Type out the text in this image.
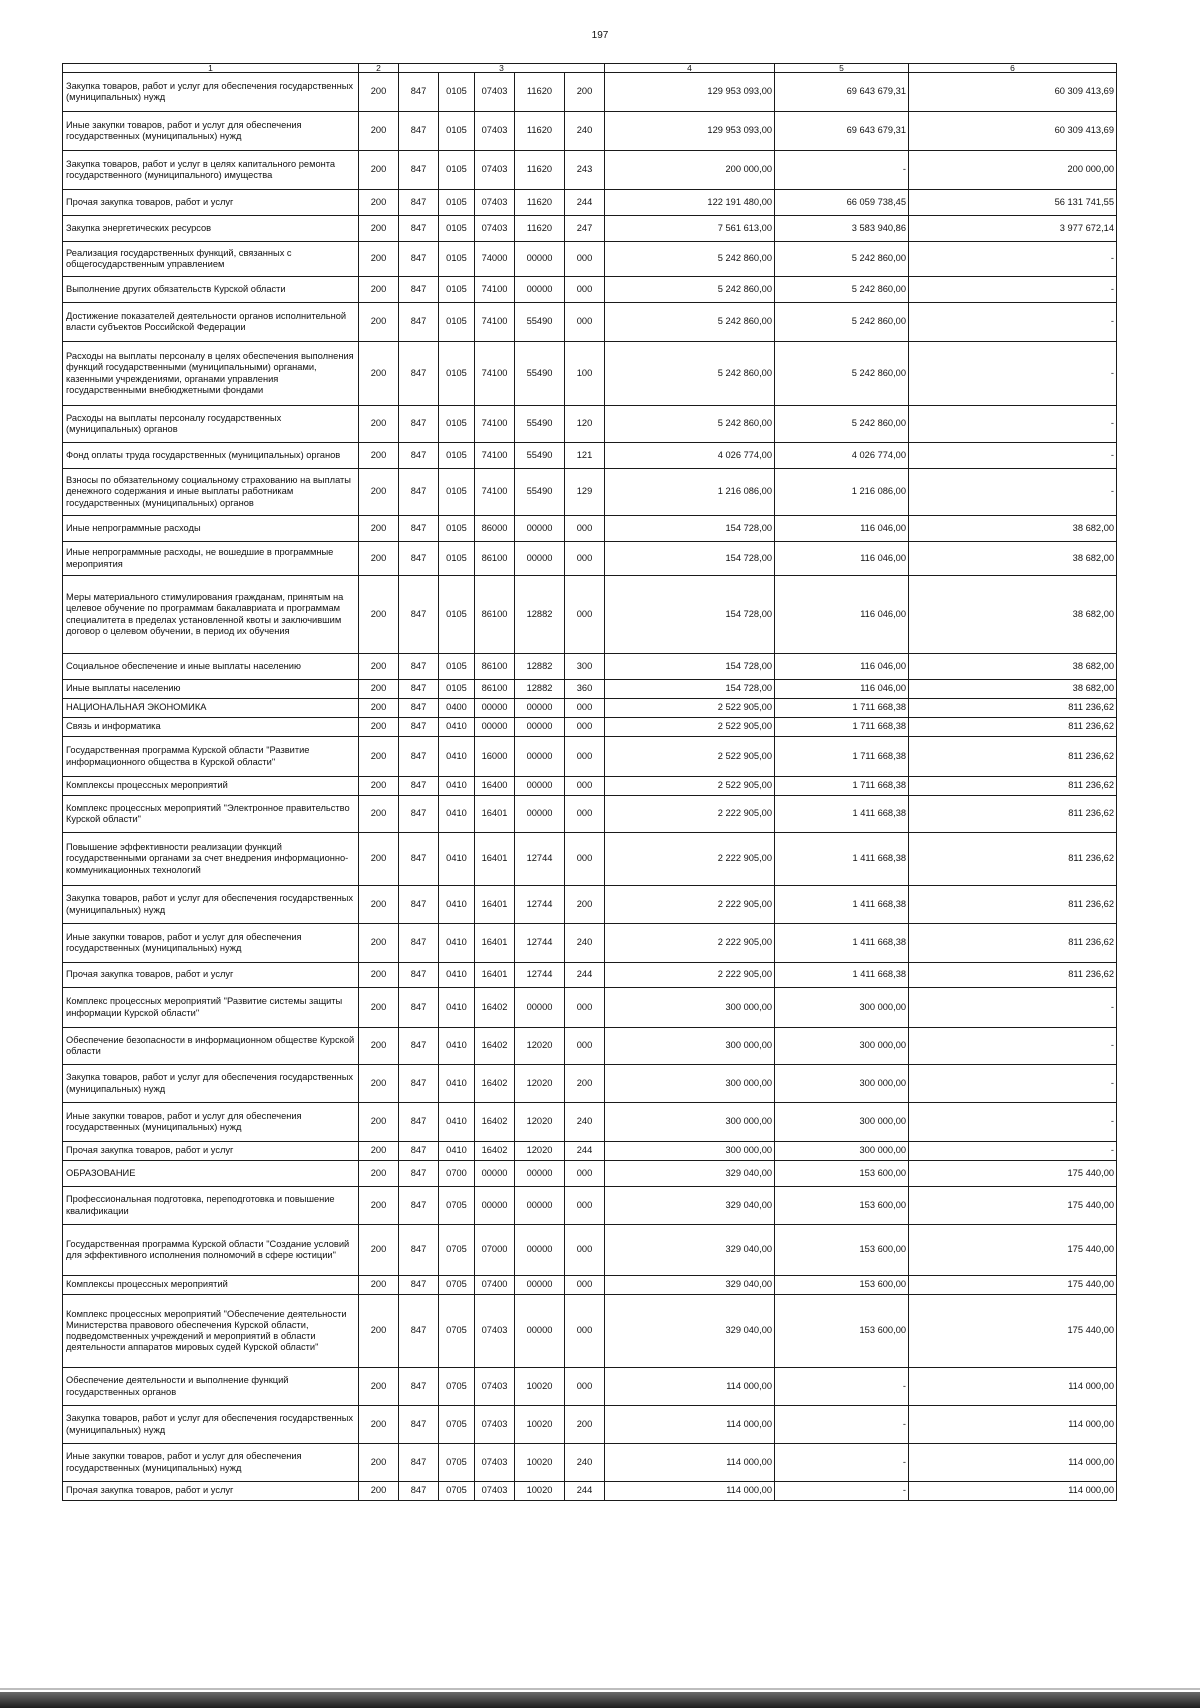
197
1	2	3					4	5	6
Закупка товаров, работ и услуг для обеспечения государственных (муниципальных) нужд	200	847	0105	07403	11620	200	129 953 093,00	69 643 679,31	60 309 413,69
Иные закупки товаров, работ и услуг для обеспечения государственных (муниципальных) нужд	200	847	0105	07403	11620	240	129 953 093,00	69 643 679,31	60 309 413,69
Закупка товаров, работ и услуг в целях капитального ремонта государственного (муниципального) имущества	200	847	0105	07403	11620	243	200 000,00	-	200 000,00
Прочая закупка товаров, работ и услуг	200	847	0105	07403	11620	244	122 191 480,00	66 059 738,45	56 131 741,55
Закупка энергетических ресурсов	200	847	0105	07403	11620	247	7 561 613,00	3 583 940,86	3 977 672,14
Реализация государственных функций, связанных с общегосударственным управлением	200	847	0105	74000	00000	000	5 242 860,00	5 242 860,00	-
Выполнение других обязательств Курской области	200	847	0105	74100	00000	000	5 242 860,00	5 242 860,00	-
Достижение показателей деятельности органов исполнительной власти субъектов Российской Федерации	200	847	0105	74100	55490	000	5 242 860,00	5 242 860,00	-
Расходы на выплаты персоналу в целях обеспечения выполнения функций государственными (муниципальными) органами, казенными учреждениями, органами управления государственными внебюджетными фондами	200	847	0105	74100	55490	100	5 242 860,00	5 242 860,00	-
Расходы на выплаты персоналу государственных (муниципальных) органов	200	847	0105	74100	55490	120	5 242 860,00	5 242 860,00	-
Фонд оплаты труда государственных (муниципальных) органов	200	847	0105	74100	55490	121	4 026 774,00	4 026 774,00	-
Взносы по обязательному социальному страхованию на выплаты денежного содержания и иные выплаты работникам государственных (муниципальных) органов	200	847	0105	74100	55490	129	1 216 086,00	1 216 086,00	-
Иные непрограммные расходы	200	847	0105	86000	00000	000	154 728,00	116 046,00	38 682,00
Иные непрограммные расходы, не вошедшие в программные мероприятия	200	847	0105	86100	00000	000	154 728,00	116 046,00	38 682,00
Меры материального стимулирования гражданам, принятым на целевое обучение по программам бакалавриата и программам специалитета в пределах установленной квоты и заключившим договор о целевом обучении, в период их обучения	200	847	0105	86100	12882	000	154 728,00	116 046,00	38 682,00
Социальное обеспечение и иные выплаты населению	200	847	0105	86100	12882	300	154 728,00	116 046,00	38 682,00
Иные выплаты населению	200	847	0105	86100	12882	360	154 728,00	116 046,00	38 682,00
НАЦИОНАЛЬНАЯ ЭКОНОМИКА	200	847	0400	00000	00000	000	2 522 905,00	1 711 668,38	811 236,62
Связь и информатика	200	847	0410	00000	00000	000	2 522 905,00	1 711 668,38	811 236,62
Государственная программа Курской области "Развитие информационного общества в Курской области"	200	847	0410	16000	00000	000	2 522 905,00	1 711 668,38	811 236,62
Комплексы процессных мероприятий	200	847	0410	16400	00000	000	2 522 905,00	1 711 668,38	811 236,62
Комплекс процессных мероприятий "Электронное правительство Курской области"	200	847	0410	16401	00000	000	2 222 905,00	1 411 668,38	811 236,62
Повышение эффективности реализации функций государственными органами за счет внедрения информационно-коммуникационных технологий	200	847	0410	16401	12744	000	2 222 905,00	1 411 668,38	811 236,62
Закупка товаров, работ и услуг для обеспечения государственных (муниципальных) нужд	200	847	0410	16401	12744	200	2 222 905,00	1 411 668,38	811 236,62
Иные закупки товаров, работ и услуг для обеспечения государственных (муниципальных) нужд	200	847	0410	16401	12744	240	2 222 905,00	1 411 668,38	811 236,62
Прочая закупка товаров, работ и услуг	200	847	0410	16401	12744	244	2 222 905,00	1 411 668,38	811 236,62
Комплекс процессных мероприятий "Развитие системы защиты информации Курской области"	200	847	0410	16402	00000	000	300 000,00	300 000,00	-
Обеспечение безопасности в информационном обществе Курской области	200	847	0410	16402	12020	000	300 000,00	300 000,00	-
Закупка товаров, работ и услуг для обеспечения государственных (муниципальных) нужд	200	847	0410	16402	12020	200	300 000,00	300 000,00	-
Иные закупки товаров, работ и услуг для обеспечения государственных (муниципальных) нужд	200	847	0410	16402	12020	240	300 000,00	300 000,00	-
Прочая закупка товаров, работ и услуг	200	847	0410	16402	12020	244	300 000,00	300 000,00	-
ОБРАЗОВАНИЕ	200	847	0700	00000	00000	000	329 040,00	153 600,00	175 440,00
Профессиональная подготовка, переподготовка и повышение квалификации	200	847	0705	00000	00000	000	329 040,00	153 600,00	175 440,00
Государственная программа Курской области "Создание условий для эффективного исполнения полномочий в сфере юстиции"	200	847	0705	07000	00000	000	329 040,00	153 600,00	175 440,00
Комплексы процессных мероприятий	200	847	0705	07400	00000	000	329 040,00	153 600,00	175 440,00
Комплекс процессных мероприятий "Обеспечение деятельности Министерства правового обеспечения Курской области, подведомственных учреждений и мероприятий в области деятельности аппаратов мировых судей Курской области"	200	847	0705	07403	00000	000	329 040,00	153 600,00	175 440,00
Обеспечение деятельности и выполнение функций государственных органов	200	847	0705	07403	10020	000	114 000,00	-	114 000,00
Закупка товаров, работ и услуг для обеспечения государственных (муниципальных) нужд	200	847	0705	07403	10020	200	114 000,00	-	114 000,00
Иные закупки товаров, работ и услуг для обеспечения государственных (муниципальных) нужд	200	847	0705	07403	10020	240	114 000,00	-	114 000,00
Прочая закупка товаров, работ и услуг	200	847	0705	07403	10020	244	114 000,00	-	114 000,00
